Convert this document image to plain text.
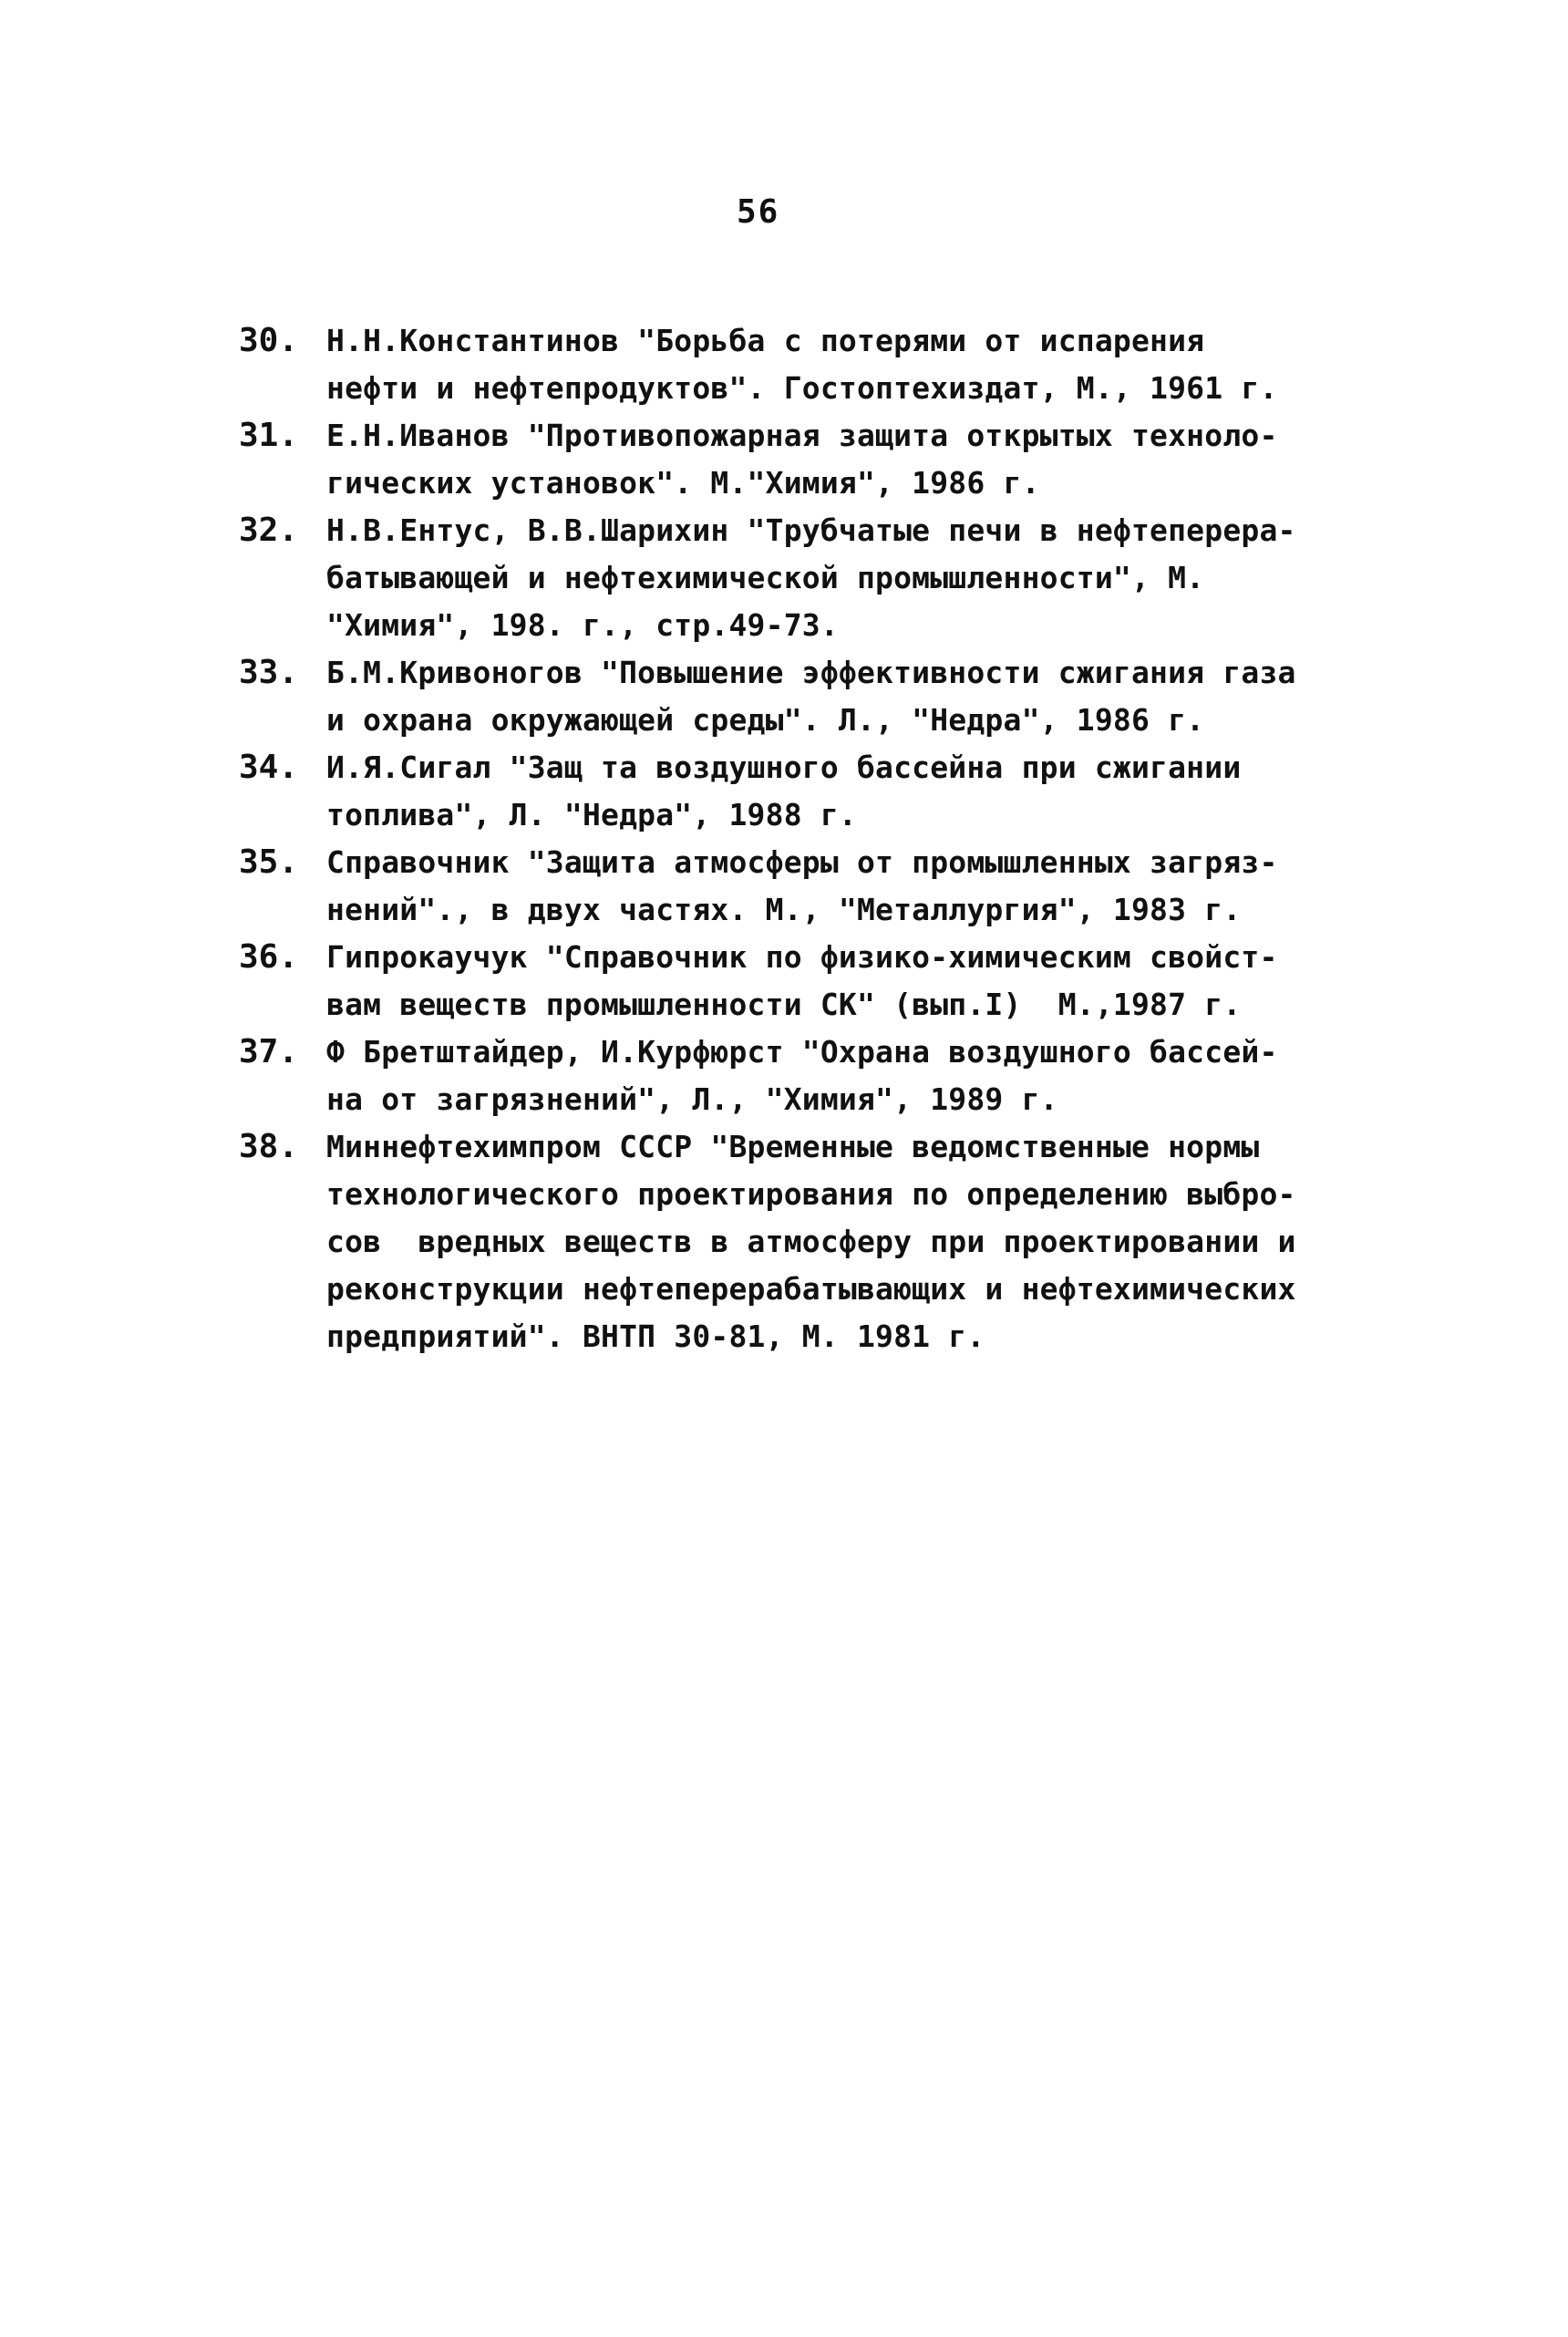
56
30. Н.Н.Константинов "Борьба с потерями от испарения
нефти и нефтепродуктов". Гостоптехиздат, М., 1961 г.
31. Е.Н.Иванов "Противопожарная защита открытых техноло-
гических установок". М."Химия", 1986 г.
32. Н.В.Ентус, В.В.Шарихин "Трубчатые печи в нефтеперера-
батывающей и нефтехимической промышленности", М.
"Химия", 198. г., стр.49-73.
33. Б.М.Кривоногов "Повышение эффективности сжигания газа
и охрана окружающей среды". Л., "Недра", 1986 г.
34. И.Я.Сигал "Защ та воздушного бассейна при сжигании
топлива", Л. "Недра", 1988 г.
35. Справочник "Защита атмосферы от промышленных загряз-
нений"., в двух частях. М., "Металлургия", 1983 г.
36. Гипрокаучук "Справочник по физико-химическим свойст-
вам веществ промышленности СК" (вып.I)  М.,1987 г.
37. Ф Бретштайдер, И.Курфюрст "Охрана воздушного бассей-
на от загрязнений", Л., "Химия", 1989 г.
38. Миннефтехимпром СССР "Временные ведомственные нормы
технологического проектирования по определению выбро-
сов  вредных веществ в атмосферу при проектировании и
реконструкции нефтеперерабатывающих и нефтехимических
предприятий". ВНТП 30-81, М. 1981 г.
